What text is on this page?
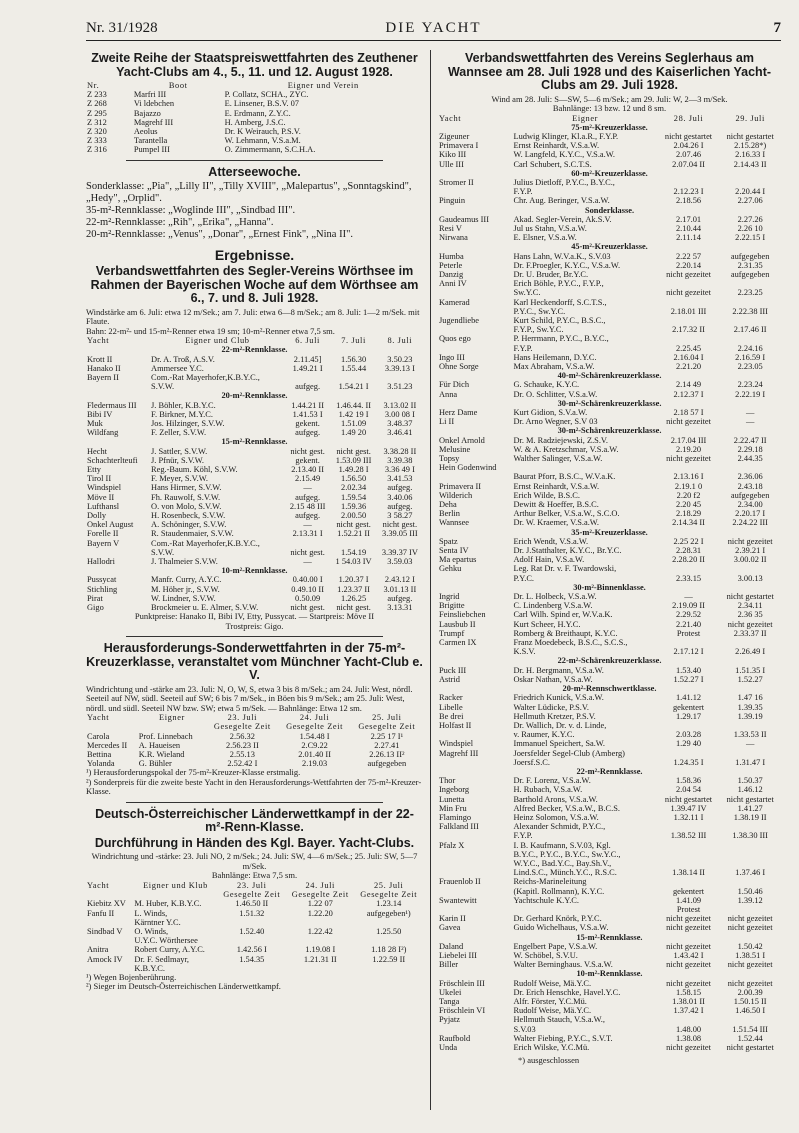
Nr. 31/1928	DIE YACHT	7
Zweite Reihe der Staatspreiswettfahrten des Zeuthener Yacht-Clubs am 4., 5., 11. und 12. August 1928.
Nr.	Boot	Eigner und Verein
Z 233	Marfri III	P. Collatz, SCHA., ZYC.
Z 268	Vi ldebchen	E. Linsener, B.S.V. 07
Z 295	Bajazzo	E. Erdmann, Z.Y.C.
Z 312	Magrehf III	H. Amberg, J.S.C.
Z 320	Aeolus	Dr. K Weirauch, P.S.V.
Z 333	Tarantella	W. Lehmann, V.S.a.M.
Z 316	Pumpel III	O. Zimmermann, S.C.H.A.
Atterseewoche.

Sonderklasse: „Pia", „Lilly II", „Tilly XVIII", „Malepartus", „Sonntagskind", „Hedy", „Orplid".

35-m²-Rennklasse: „Woglinde III", „Sindbad III".

22-m²-Rennklasse: „Rih", „Erika", „Hanna".

20-m²-Rennklasse: „Venus", „Donar", „Ernest Fink", „Nina II".

Ergebnisse.
Verbandswettfahrten des Segler-Vereins Wörthsee im Rahmen der Bayerischen Woche auf dem Wörthsee am 6., 7. und 8. Juli 1928.

Windstärke am 6. Juli: etwa 12 m/Sek.; am 7. Juli: etwa 6—8 m/Sek.; am 8. Juli: 1—2 m/Sek. mit Flaute.

Bahn: 22-m²- und 15-m²-Renner etwa 19 sm; 10-m²-Renner etwa 7,5 sm.

Yacht	Eigner und Club	6. Juli	7. Juli	8. Juli
22-m²-Rennklasse.				
Krott II	Dr. A. Troß, A.S.V.	2.11.45]	1.56.30	3.50.23
Hanako II	Ammersee Y.C.	1.49.21 I	1.55.44	3.39.13 I
Bayern II	Com.-Rat Mayerhofer,K.B.Y.C.,			
	S.V.W.	aufgeg.	1.54.21 I	3.51.23
20-m²-Rennklasse.				
Fledermaus III	J. Böhler, K.B.Y.C.	1.44.21 II	1.46.44. II	3.13.02 II
Bibi IV	F. Birkner, M.Y.C.	1.41.53 I	1.42 19 I	3.00 08 I
Muk	Jos. Hilzinger, S.V.W.	gekent.	1.51.09	3.48.37
Wildfang	F. Zeller, S.V.W.	aufgeg.	1.49 20	3.46.41
15-m²-Rennklasse.				
Hecht	J. Sattler, S.V.W.	nicht gest.	nicht gest.	3.38.28 II
Schachterlteufi	J. Pfnür, S.V.W.	gekent.	1.53.09 III	3.39.38
Etty	Reg.-Baum. Köhl, S.V.W.	2.13.40 II	1.49.28 I	3.36 49 I
Tirol II	F. Meyer, S.V.W.	2.15.49	1.56.50	3.41.53
Windspiel	Hans Hirmer, S.V.W.	—	2.02.34	aufgeg.
Möve II	Fh. Rauwolf, S.V.W.	aufgeg.	1.59.54	3.40.06
Lufthansl	O. von Molo, S.V.W.	2.15 48 III	1.59.36	aufgeg.
Dolly	H. Rosenbeck, S.V.W.	aufgeg.	2.00.50	3 58.27
Onkel August	A. Schöninger, S.V.W.	—	nicht gest.	nicht gest.
Forelle II	R. Staudenmaier, S.V.W.	2.13.31 I	1.52.21 II	3.39.05 III
Bayern V	Com.-Rat Mayerhofer,K.B.Y.C.,			
	S.V.W.	nicht gest.	1.54.19	3.39.37 IV
Hallodri	J. Thalmeier S.V.W.	—	1 54.03 IV	3.59.03
10-m²-Rennklasse.				
Pussycat	Manfr. Curry, A.Y.C.	0.40.00 I	1.20.37 I	2.43.12 I
Stichling	M. Höher jr., S.V.W.	0.49.10 II	1.23.37 II	3.01.13 II
Pirat	W. Lindner, S.V.W.	0.50.09	1.26.25	aufgeg.
Gigo	Brockmeier u. E. Almer, S.V.W.	nicht gest.	nicht gest.	3.13.31

Punktpreise: Hanako II, Bibi IV, Etty, Pussycat. — Startpreis: Möve II

Trostpreis: Gigo.

Herausforderungs-Sonderwettfahrten in der 75-m²-Kreuzerklasse, veranstaltet vom Münchner Yacht-Club e. V.

Windrichtung und -stärke am 23. Juli: N, O, W, S, etwa 3 bis 8 m/Sek.; am 24. Juli: West, nördl. Seeteil auf NW, südl. Seeteil auf SW; 6 bis 7 m/Sek., in Böen bis 9 m/Sek.; am 25. Juli: West, nördl. und südl. Seeteil NW bzw. SW; etwa 5 m/Sek. — Bahnlänge: Etwa 12 sm.

Yacht	Eigner	23. Juli	24. Juli	25. Juli
		Gesegelte Zeit	Gesegelte Zeit	Gesegelte Zeit
Carola	Prof. Linnebach	2.56.32	1.54.48 I	2.25 17 I¹
Mercedes II	A. Haueisen	2.56.23 II	2.C9.22	2.27.41
Bettina	K.R. Wieland	2.55.13	2.01.40 II	2.26.13 II²
Yolanda	G. Bühler	2.52.42 I	2.19.03	aufgegeben

¹) Herausforderungspokal der 75-m²-Kreuzer-Klasse erstmalig.

²) Sonderpreis für die zweite beste Yacht in den Herausforderungs-Wettfahrten der 75-m²-Kreuzer-Klasse.

Deutsch-Österreichischer Länderwettkampf in der 22-m²-Renn-Klasse.
Durchführung in Händen des Kgl. Bayer. Yacht-Clubs.

Windrichtung und -stärke: 23. Juli NO, 2 m/Sek.; 24. Juli: SW, 4—6 m/Sek.; 25. Juli: SW, 5—7 m/Sek.

Bahnlänge: Etwa 7,5 sm.

Yacht	Eigner und Klub	23. Juli	24. Juli	25. Juli
		Gesegelte Zeit	Gesegelte Zeit	Gesegelte Zeit
Kiebitz XV	M. Huber, K.B.Y.C.	1.46.50 II	1.22 07	1.23.14
Fanfu II	L. Winds,	1.51.32	1.22.20	aufgegeben¹)
	Kärntner Y.C.			
Sindbad V	O. Winds,	1.52.40	1.22.42	1.25.50
	U.Y.C. Wörthersee			
Anitra	Robert Curry, A.Y.C.	1.42.56 I	1.19.08 I	1.18 28 I²)
Amock IV	Dr. F. Sedlmayr,	1.54.35	1.21.31 II	1.22.59 II
	K.B.Y.C.			

¹) Wegen Bojenberührung.

²) Sieger im Deutsch-Österreichischen Länderwettkampf.

Verbandswettfahrten des Vereins Seglerhaus am Wannsee am 28. Juli 1928 und des Kaiserlichen Yacht-Clubs am 29. Juli 1928.

Wind am 28. Juli: S—SW, 5—6 m/Sek.; am 29. Juli: W, 2—3 m/Sek.

Bahnlänge: 13 bzw. 12 und 8 sm.

Yacht	Eigner	28. Juli	29. Juli
75-m²-Kreuzerklasse.			
Zigeuner	Ludwig Klinger, Kl.a.R., F.Y.P.	nicht gestartet	nicht gestartet
Primavera I	Ernst Reinhardt, V.S.a.W.	2.04.26 I	2.15.28*)
Kiko III	W. Langfeld, K.Y.C., V.S.a.W.	2.07.46	2.16.33 I
Ulle III	Carl Schubert, S.C.T.S.	2.07.04 II	2.14.43 II
60-m²-Kreuzerklasse.			
Stromer II	Julius Dietloff, P.Y.C., B.Y.C.,		
	F.Y.P.	2.12.23 I	2.20.44 I
Pinguin	Chr. Aug. Beringer, V.S.a.W.	2.18.56	2.27.06
Sonderklasse.			
Gaudeamus III	Akad. Segler-Verein, Ak.S.V.	2.17.01	2.27.26
Resi V	Jul us Stahn, V.S.a.W.	2.10.44	2.26 10
Nirwana	E. Elsner, V.S.a.W.	2.11.14	2.22.15 I
45-m²-Kreuzerklasse.			
Humba	Hans Lahn, W.V.a.K., S.V.03	2.22 57	aufgegeben
Peterle	Dr. F.Proegler, K.Y.C., V.S.a.W.	2.20.14	2.31.35
Danzig	Dr. U. Bruder, Br.Y.C.	nicht gezeitet	aufgegeben
Anni IV	Erich Böhle, P.Y.C., F.Y.P.,		
	Sw.Y.C.	nicht gezeitet	2.23.25
Kamerad	Karl Heckendorff, S.C.T.S.,		
	P.Y.C., Sw.Y.C.	2.18.01 III	2.22.38 III
Jugendliebe	Kurt Schild, P.Y.C., B.S.C.,		
	F.Y.P., Sw.Y.C.	2.17.32 II	2.17.46 II
Quos ego	P. Herrmann, P.Y.C., B.Y.C.,		
	F.Y.P.	2.25.45	2.24.16
Ingo III	Hans Heilemann, D.Y.C.	2.16.04 I	2.16.59 I
Ohne Sorge	Max Abraham, V.S.a.W.	2.21.20	2.23.05
40-m²-Schärenkreuzerklasse.			
Für Dich	G. Schauke, K.Y.C.	2.14 49	2.23.24
Anna	Dr. O. Schlitter, V.S.a.W.	2.12.37 I	2.22.19 I
30-m²-Schärenkreuzerklasse.			
Herz Dame	Kurt Gidion, S.V.a.W.	2.18 57 I	—
Li II	Dr. Arno Wegner, S.V 03	nicht gezeitet	—
30-m²-Schärenkreuzerklasse.			
Onkel Arnold	Dr. M. Radziejewski, Z.S.V.	2.17.04 III	2.22.47 II
Melusine	W. & A. Kretzschmar, V.S.a.W.	2.19.20	2.29.18
Topsy	Walther Salinger, V.S.a.W.	nicht gezeitet	2.44.35
Hein Godenwind			
	Baurat Pforr, B.S.C., W.V.a.K.	2.13.16 I	2.36.06
Primavera II	Ernst Reinhardt, V.S.a.W.	2.19.1 0	2.43.18
Wilderich	Erich Wilde, B.S.C.	2.20 f2	aufgegeben
Deha	Dewitt & Hoeffer, B.S.C.	2.20 45	2.34.00
Berlin	Arthur Belker, V.S.a.W., S.C.O.	2.18.29	2.20.17 I
Wannsee	Dr. W. Kraemer, V.S.a.W.	2.14.34 II	2.24.22 III
35-m²-Kreuzerklasse.			
Spatz	Erich Wendt, V.S.a.W.	2.25 22 I	nicht gezeitet
Senta IV	Dr. J.Statthalter, K.Y.C., Br.Y.C.	2.28.31	2.39.21 I
Ma epartus	Adolf Hain, V.S.a.W.	2.28.20 II	3.00.02 II
Gehku	Leg. Rat Dr. v. F. Twardowski,		
	P.Y.C.	2.33.15	3.00.13
30-m²-Binnenklasse.			
Ingrid	Dr. L. Holbeck, V.S.a.W.	—	nicht gestartet
Brigitte	C. Lindenberg V.S.a.W.	2.19.09 II	2.34.11
Feinsliebchen	Carl Wilh. Spind er, W.V.a.K.	2.29.52	2.36 35
Lausbub II	Kurt Scheer, H.Y.C.	2.21.40	nicht gezeitet
Trumpf	Romberg & Breithaupt, K.Y.C.	Protest	2.33.37 II
Carmen IX	Franz Moedebeck, B.S.C., S.C.S.,		
	K.S.V.	2.17.12 I	2.26.49 I
22-m²-Schärenkreuzerklasse.			
Puck III	Dr. H. Bergmann, V.S.a.W.	1.53.40	1.51.35 I
Astrid	Oskar Nathan, V.S.a.W.	1.52.27 I	1.52.27
20-m²-Rennschwertklasse.			
Racker	Friedrich Kunick, V.S.a.W.	1.41.12	1.47 16
Libelle	Walter Lüdicke, P.S.V.	gekentert	1.39.35
Be drei	Hellmuth Kretzer, P.S.V.	1.29.17	1.39.19
Holfast II	Dr. Wallich, Dr. v. d. Linde,		
	v. Raumer, K.Y.C.	2.03.28	1.33.53 II
Windspiel	Immanuel Speichert, Sa.W.	1.29 40	—
Magrehf III	Joersfelder Segel-Club (Amberg)		
	Joersf.S.C.	1.24.35 I	1.31.47 I
22-m²-Rennklasse.			
Thor	Dr. F. Lorenz, V.S.a.W.	1.58.36	1.50.37
Ingeborg	H. Rubach, V.S.a.W.	2.04 54	1.46.12
Lunetta	Barthold Arons, V.S.a.W.	nicht gestartet	nicht gestartet
Min Fru	Alfred Becker, V.S.a.W., B.C.S.	1.39.47 IV	1.41.27
Flamingo	Heinz Solomon, V.S.a.W.	1.32.11 I	1.38.19 II
Falkland III	Alexander Schmidt, P.Y.C.,		
	F.Y.P.	1.38.52 III	1.38.30 III
Pfalz X	I. B. Kaufmann, S.V.03, Kgl.		
	B.Y.C., P.Y.C., B.Y.C., Sw.Y.C.,		
	W.Y.C., Bad.Y.C., Bay.Sh.V.,		
	Lind.S.C., Münch.Y.C., R.S.C.	1.38.14 II	1.37.46 I
Frauenlob II	Reichs-Marineleitung		
	(Kapitl. Rollmann), K.Y.C.	gekentert	1.50.46
Swantewitt	Yachtschule K.Y.C.	1.41.09	1.39.12
		Protest	
Karin II	Dr. Gerhard Knörk, P.Y.C.	nicht gezeitet	nicht gezeitet
Gavea	Guido Wichelhaus, V.S.a.W.	nicht gezeitet	nicht gezeitet
15-m²-Rennklasse.			
Daland	Engelbert Pape, V.S.a.W.	nicht gezeitet	1.50.42
Liebelei III	W. Schöbel, S.V.U.	1.43.42 I	1.38.51 I
Biller	Walter Berninghaus. V.S.a.W.	nicht gezeitet	nicht gezeitet
10-m²-Rennklasse.			
Fröschlein III	Rudolf Weise, Mä.Y.C.	nicht gezeitet	nicht gezeitet
Ukelei	Dr. Erich Henschke, Havel.Y.C.	1.58.15	2.00.39
Tanga	Alfr. Förster, Y.C.Mü.	1.38.01 II	1.50.15 II
Fröschlein VI	Rudolf Weise, Mä.Y.C.	1.37.42 I	1.46.50 I
Pyjatz	Hellmuth Stauch, V.S.a.W.,		
	S.V.03	1.48.00	1.51.54 III
Raufbold	Walter Fiebing, P.Y.C., S.V.T.	1.38.08	1.52.44
Unda	Erich Wilske, Y.C.Mü.	nicht gezeitet	nicht gestartet

*) ausgeschlossen
